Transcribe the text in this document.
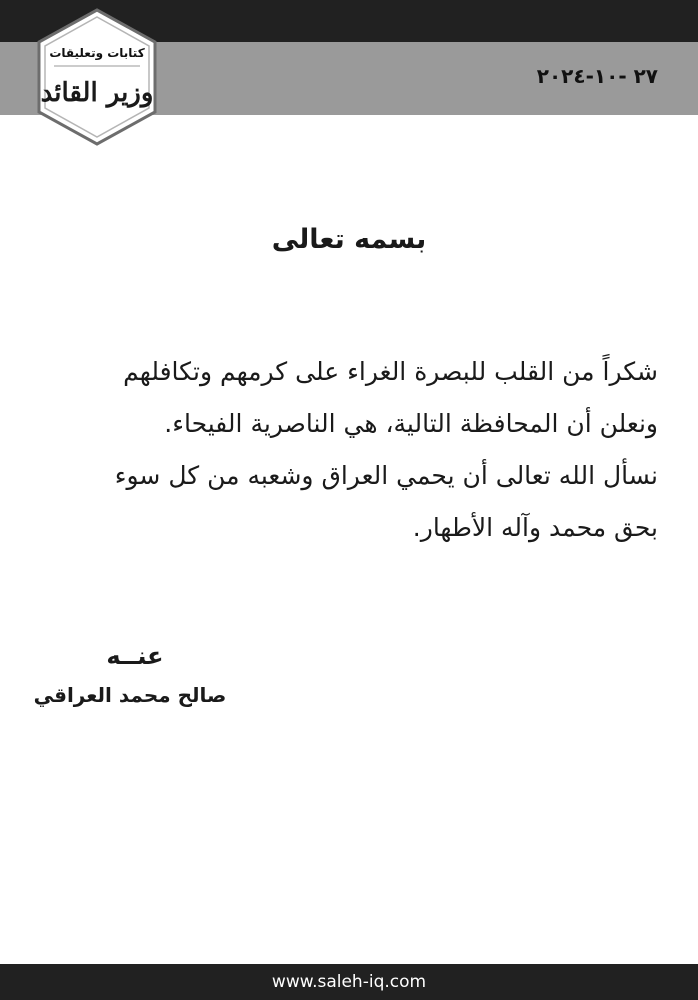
٢٧ -١٠-٢٠٢٤
كتابات وتعليقات
وزير القائد
بسمه تعالى
شكراً من القلب للبصرة الغراء على كرمهم وتكافلهم
ونعلن أن المحافظة التالية، هي الناصرية الفيحاء.
نسأل الله تعالى أن يحمي العراق وشعبه من كل سوء
بحق محمد وآله الأطهار.
عنــه
صالح محمد العراقي
www.saleh-iq.com
